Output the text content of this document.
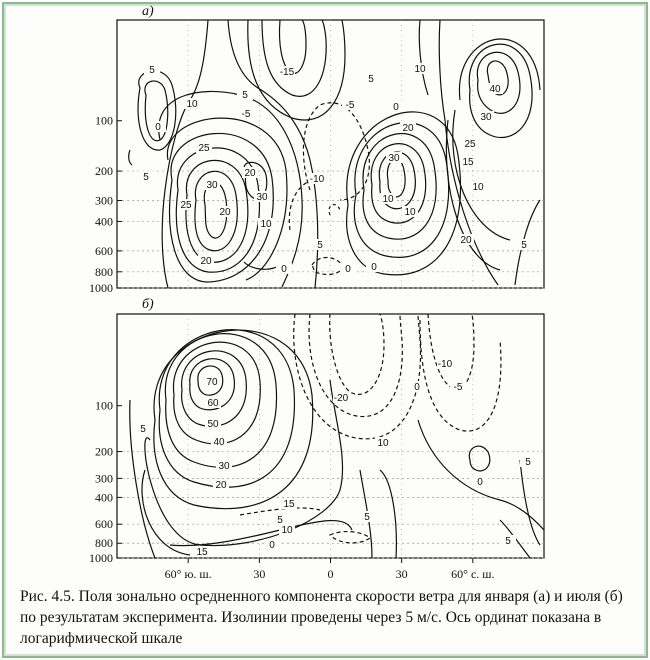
а)
б)
100
200
300
400
600
800
1000
100
200
300
400
600
800
1000
60° ю. ш.	30	0	30	60° с. ш.
5
0
5
10
25
30
25
20
20
30
10
20
0
-15
5
-5
-5
-10
5
10
0
5
20
30
10
0
10
40
30
25
15
10
20	5
0
5
70
60
50
40
30
20
15
10
5
0
15
-20
0
-10
-5
10
5
5
0
5
Рис. 4.5. Поля зонально осредненного компонента скорости ветра для января (а) и июля (б) по результатам эксперимента. Изолинии проведены через 5 м/с. Ось ординат показана в логарифмической шкале
